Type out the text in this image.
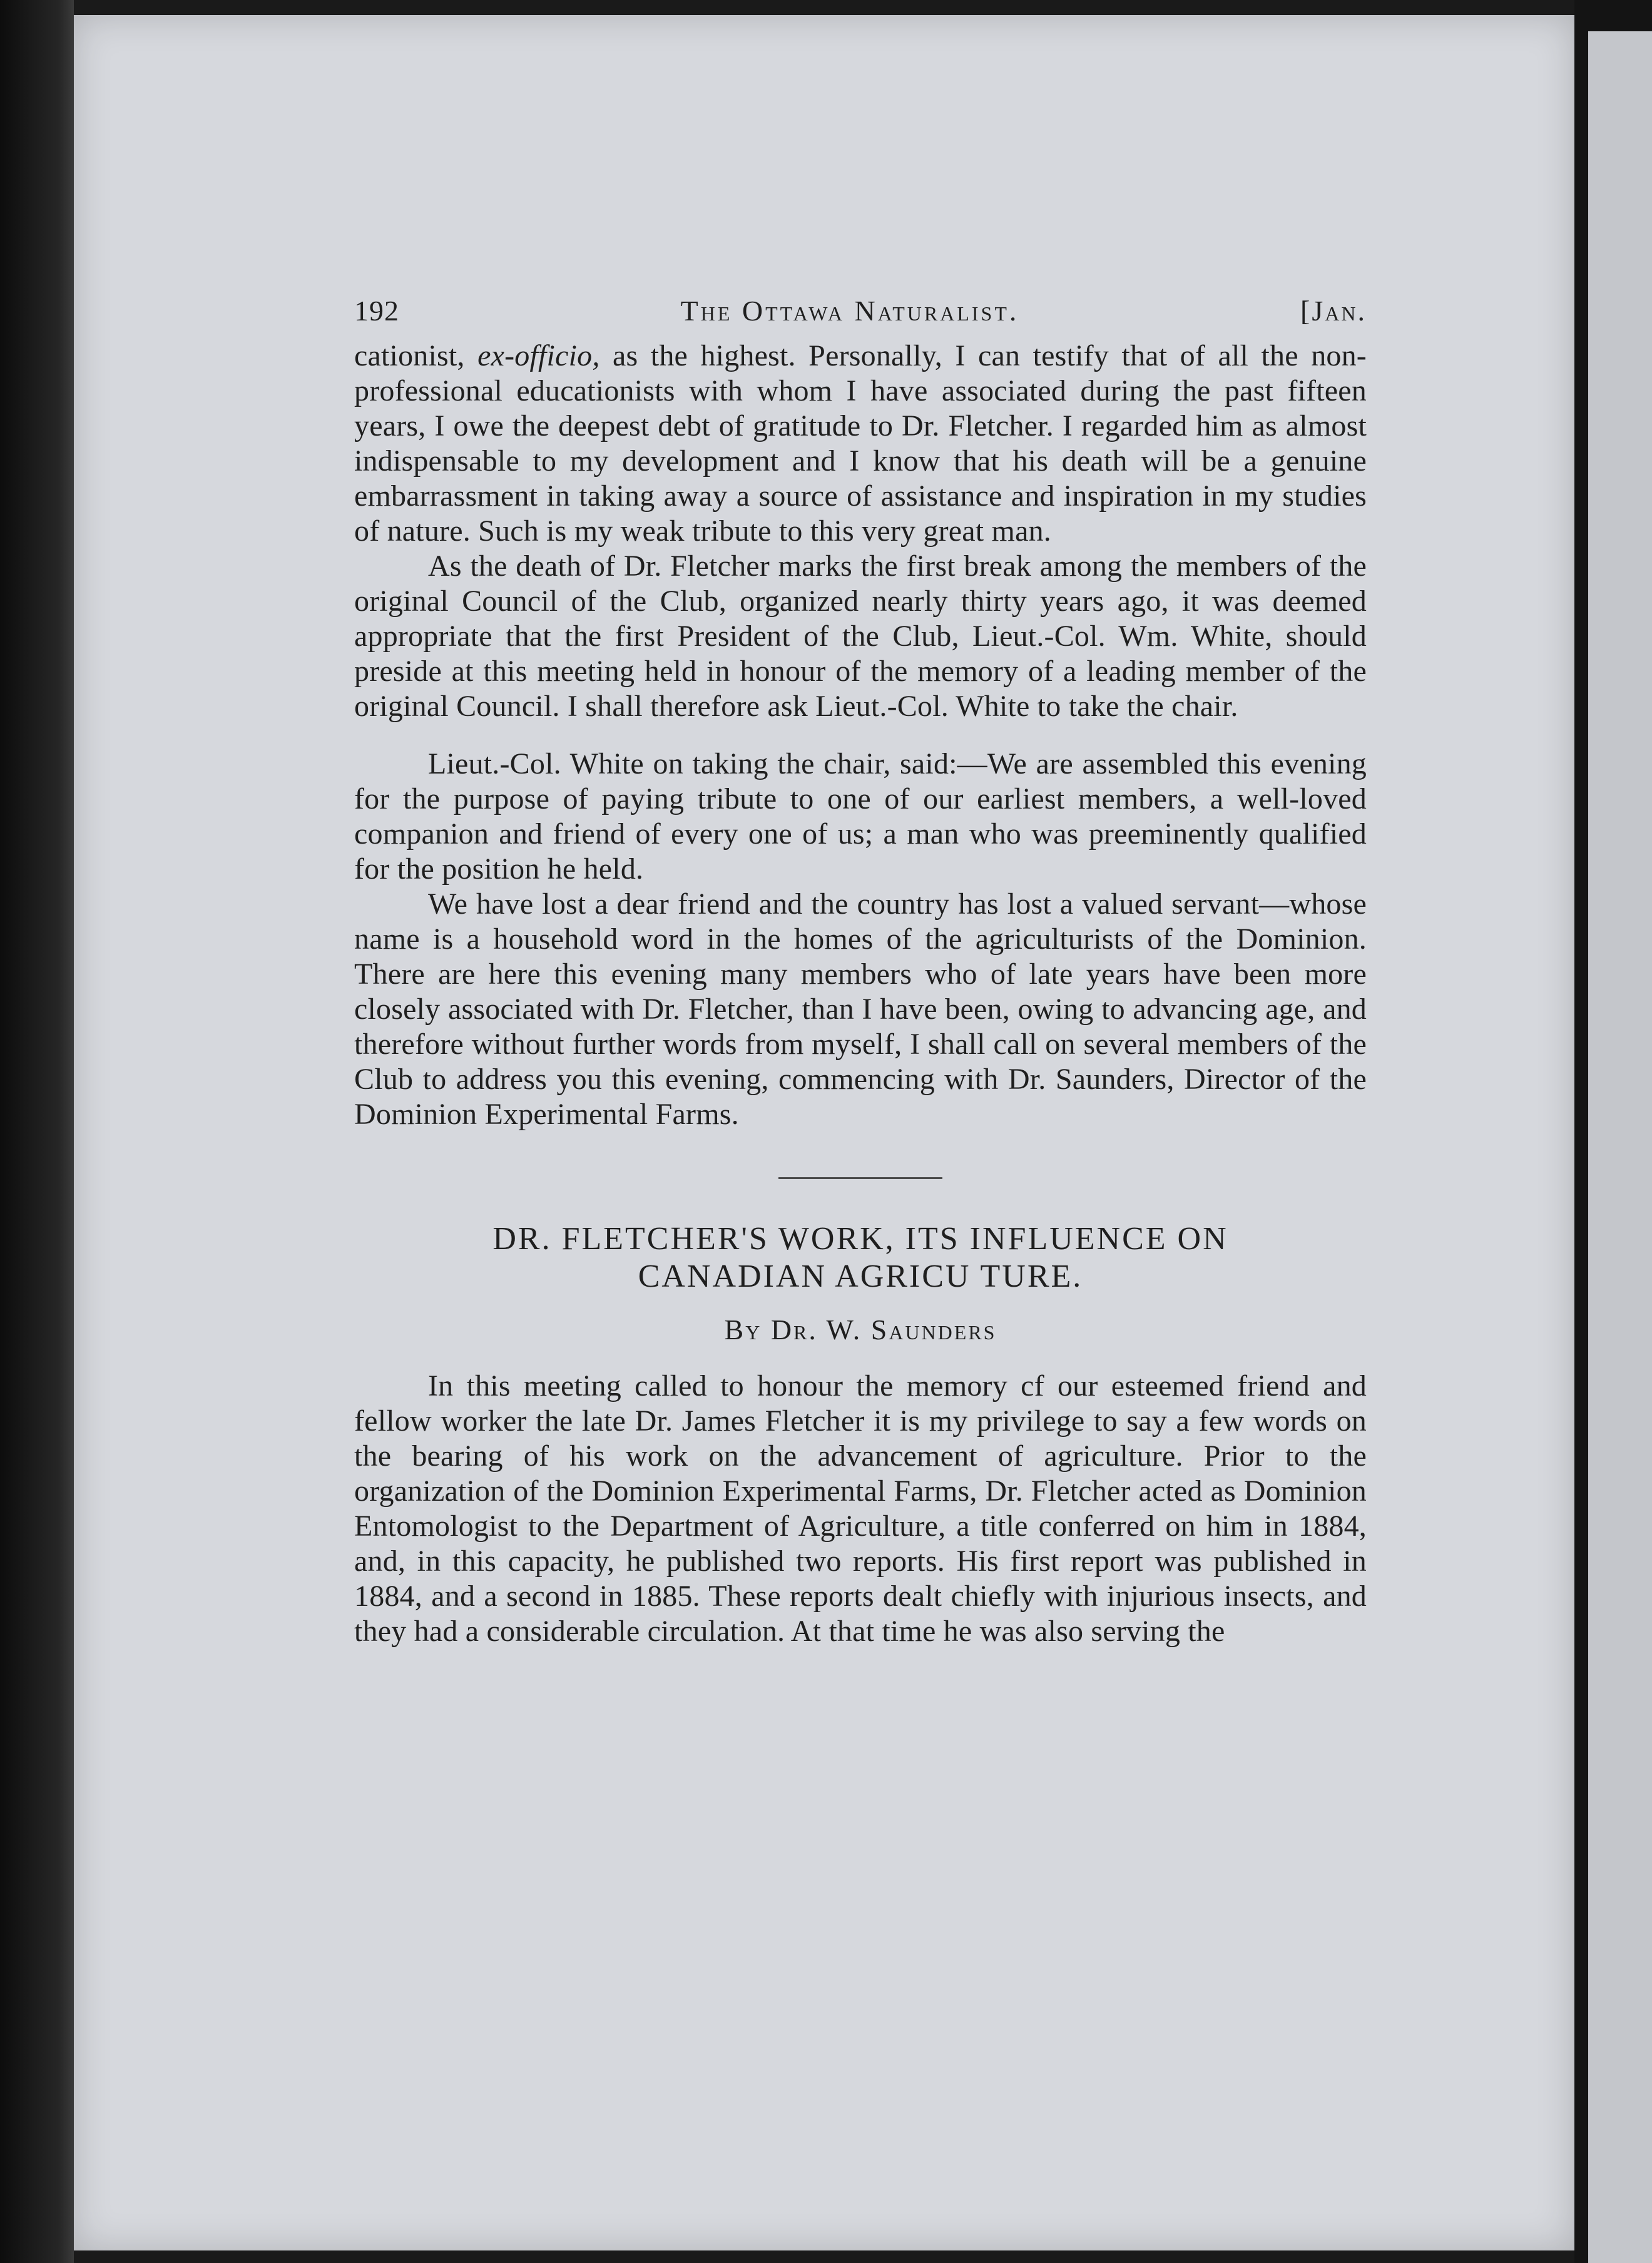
192	The Ottawa Naturalist.	[Jan.

cationist, ex-officio, as the highest. Personally, I can testify that of all the non-professional educationists with whom I have associated during the past fifteen years, I owe the deepest debt of gratitude to Dr. Fletcher. I regarded him as almost indispensable to my development and I know that his death will be a genuine embarrassment in taking away a source of assistance and inspiration in my studies of nature. Such is my weak tribute to this very great man.

As the death of Dr. Fletcher marks the first break among the members of the original Council of the Club, organized nearly thirty years ago, it was deemed appropriate that the first President of the Club, Lieut.-Col. Wm. White, should preside at this meeting held in honour of the memory of a leading member of the original Council. I shall therefore ask Lieut.-Col. White to take the chair.

Lieut.-Col. White on taking the chair, said:—We are assembled this evening for the purpose of paying tribute to one of our earliest members, a well-loved companion and friend of every one of us; a man who was preeminently qualified for the position he held.

We have lost a dear friend and the country has lost a valued servant—whose name is a household word in the homes of the agriculturists of the Dominion. There are here this evening many members who of late years have been more closely associated with Dr. Fletcher, than I have been, owing to advancing age, and therefore without further words from myself, I shall call on several members of the Club to address you this evening, commencing with Dr. Saunders, Director of the Dominion Experimental Farms.

DR. FLETCHER'S WORK, ITS INFLUENCE ON

CANADIAN AGRICU TURE.

By Dr. W. Saunders

In this meeting called to honour the memory cf our esteemed friend and fellow worker the late Dr. James Fletcher it is my privilege to say a few words on the bearing of his work on the advancement of agriculture. Prior to the organization of the Dominion Experimental Farms, Dr. Fletcher acted as Dominion Entomologist to the Department of Agriculture, a title conferred on him in 1884, and, in this capacity, he published two reports. His first report was published in 1884, and a second in 1885. These reports dealt chiefly with injurious insects, and they had a considerable circulation. At that time he was also serving the
